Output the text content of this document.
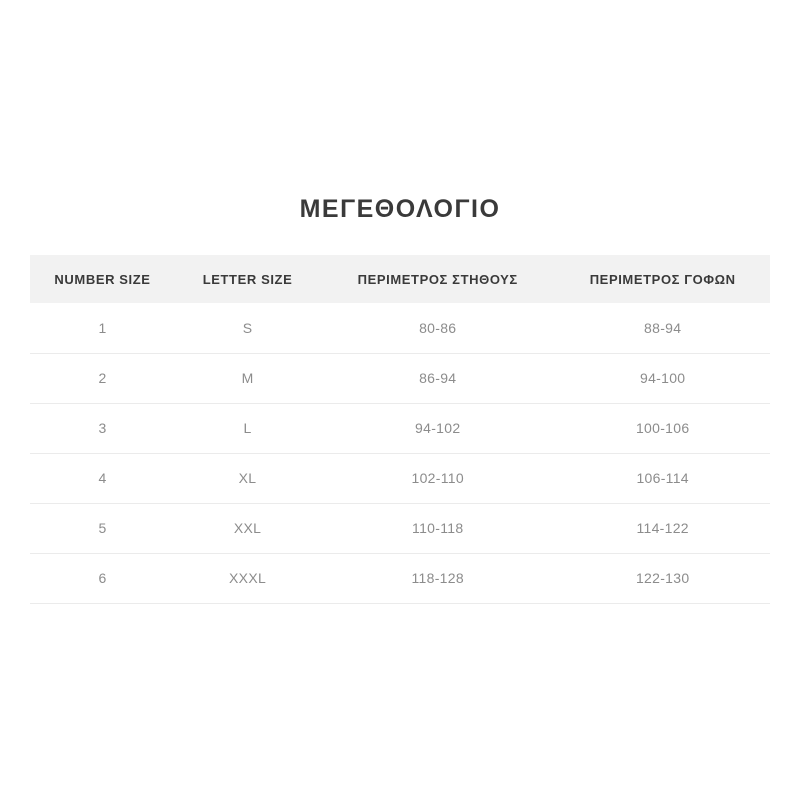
ΜΕΓΕΘΟΛΟΓΙΟ
NUMBER SIZE	LETTER SIZE	ΠΕΡΙΜΕΤΡΟΣ ΣΤΗΘΟΥΣ	ΠΕΡΙΜΕΤΡΟΣ ΓΟΦΩΝ
1	S	80-86	88-94
2	M	86-94	94-100
3	L	94-102	100-106
4	XL	102-110	106-114
5	XXL	110-118	114-122
6	XXXL	118-128	122-130
